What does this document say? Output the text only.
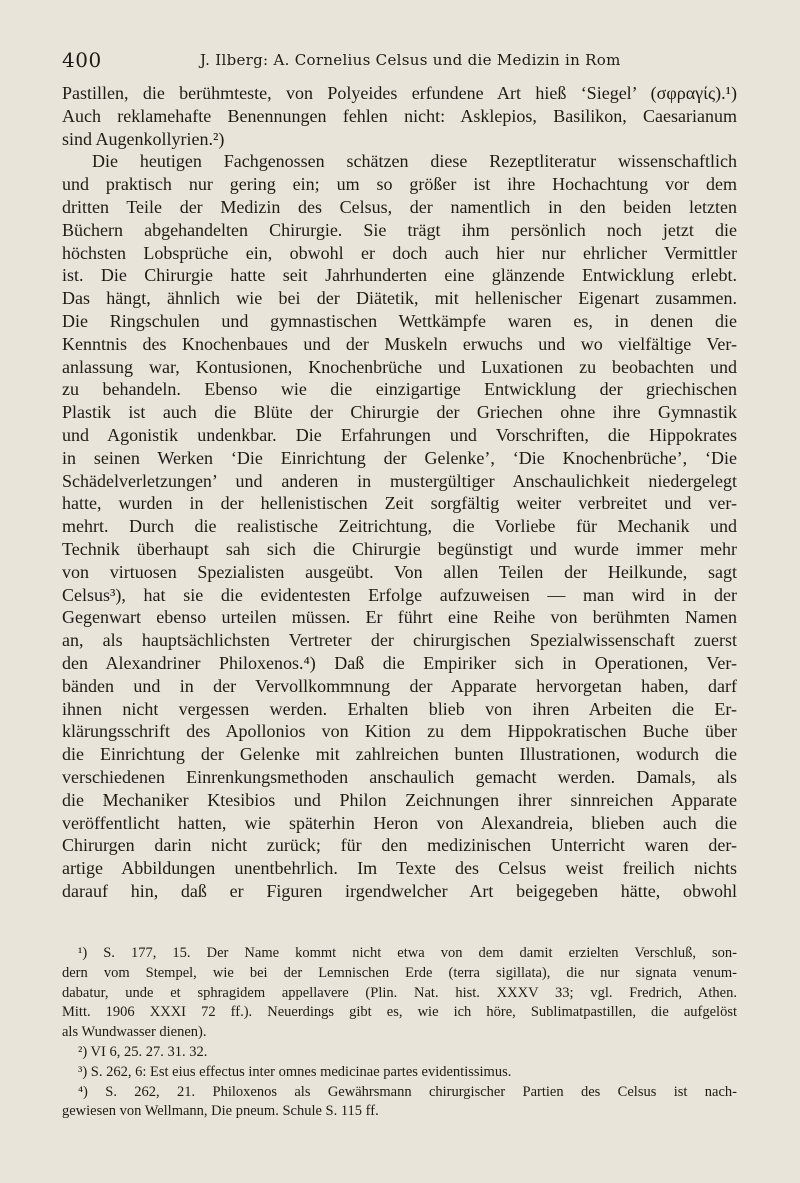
400	J. Ilberg: A. Cornelius Celsus und die Medizin in Rom
Pastillen, die berühmteste, von Polyeides erfundene Art hieß ‘Siegel’ (σφραγίς).¹)
Auch reklamehafte Benennungen fehlen nicht: Asklepios, Basilikon, Caesarianum
sind Augenkollyrien.²)
Die heutigen Fachgenossen schätzen diese Rezeptliteratur wissenschaftlich
und praktisch nur gering ein; um so größer ist ihre Hochachtung vor dem
dritten Teile der Medizin des Celsus, der namentlich in den beiden letzten
Büchern abgehandelten Chirurgie. Sie trägt ihm persönlich noch jetzt die
höchsten Lobsprüche ein, obwohl er doch auch hier nur ehrlicher Vermittler
ist. Die Chirurgie hatte seit Jahrhunderten eine glänzende Entwicklung erlebt.
Das hängt, ähnlich wie bei der Diätetik, mit hellenischer Eigenart zusammen.
Die Ringschulen und gymnastischen Wettkämpfe waren es, in denen die
Kenntnis des Knochenbaues und der Muskeln erwuchs und wo vielfältige Ver-
anlassung war, Kontusionen, Knochenbrüche und Luxationen zu beobachten und
zu behandeln. Ebenso wie die einzigartige Entwicklung der griechischen
Plastik ist auch die Blüte der Chirurgie der Griechen ohne ihre Gymnastik
und Agonistik undenkbar. Die Erfahrungen und Vorschriften, die Hippokrates
in seinen Werken ‘Die Einrichtung der Gelenke’, ‘Die Knochenbrüche’, ‘Die
Schädelverletzungen’ und anderen in mustergültiger Anschaulichkeit niedergelegt
hatte, wurden in der hellenistischen Zeit sorgfältig weiter verbreitet und ver-
mehrt. Durch die realistische Zeitrichtung, die Vorliebe für Mechanik und
Technik überhaupt sah sich die Chirurgie begünstigt und wurde immer mehr
von virtuosen Spezialisten ausgeübt. Von allen Teilen der Heilkunde, sagt
Celsus³), hat sie die evidentesten Erfolge aufzuweisen — man wird in der
Gegenwart ebenso urteilen müssen. Er führt eine Reihe von berühmten Namen
an, als hauptsächlichsten Vertreter der chirurgischen Spezialwissenschaft zuerst
den Alexandriner Philoxenos.⁴) Daß die Empiriker sich in Operationen, Ver-
bänden und in der Vervollkommnung der Apparate hervorgetan haben, darf
ihnen nicht vergessen werden. Erhalten blieb von ihren Arbeiten die Er-
klärungsschrift des Apollonios von Kition zu dem Hippokratischen Buche über
die Einrichtung der Gelenke mit zahlreichen bunten Illustrationen, wodurch die
verschiedenen Einrenkungsmethoden anschaulich gemacht werden. Damals, als
die Mechaniker Ktesibios und Philon Zeichnungen ihrer sinnreichen Apparate
veröffentlicht hatten, wie späterhin Heron von Alexandreia, blieben auch die
Chirurgen darin nicht zurück; für den medizinischen Unterricht waren der-
artige Abbildungen unentbehrlich. Im Texte des Celsus weist freilich nichts
darauf hin, daß er Figuren irgendwelcher Art beigegeben hätte, obwohl
¹) S. 177, 15. Der Name kommt nicht etwa von dem damit erzielten Verschluß, son-
dern vom Stempel, wie bei der Lemnischen Erde (terra sigillata), die nur signata venum-
dabatur, unde et sphragidem appellavere (Plin. Nat. hist. XXXV 33; vgl. Fredrich, Athen.
Mitt. 1906 XXXI 72 ff.). Neuerdings gibt es, wie ich höre, Sublimatpastillen, die aufgelöst
als Wundwasser dienen).
²) VI 6, 25. 27. 31. 32.
³) S. 262, 6: Est eius effectus inter omnes medicinae partes evidentissimus.
⁴) S. 262, 21. Philoxenos als Gewährsmann chirurgischer Partien des Celsus ist nach-
gewiesen von Wellmann, Die pneum. Schule S. 115 ff.
